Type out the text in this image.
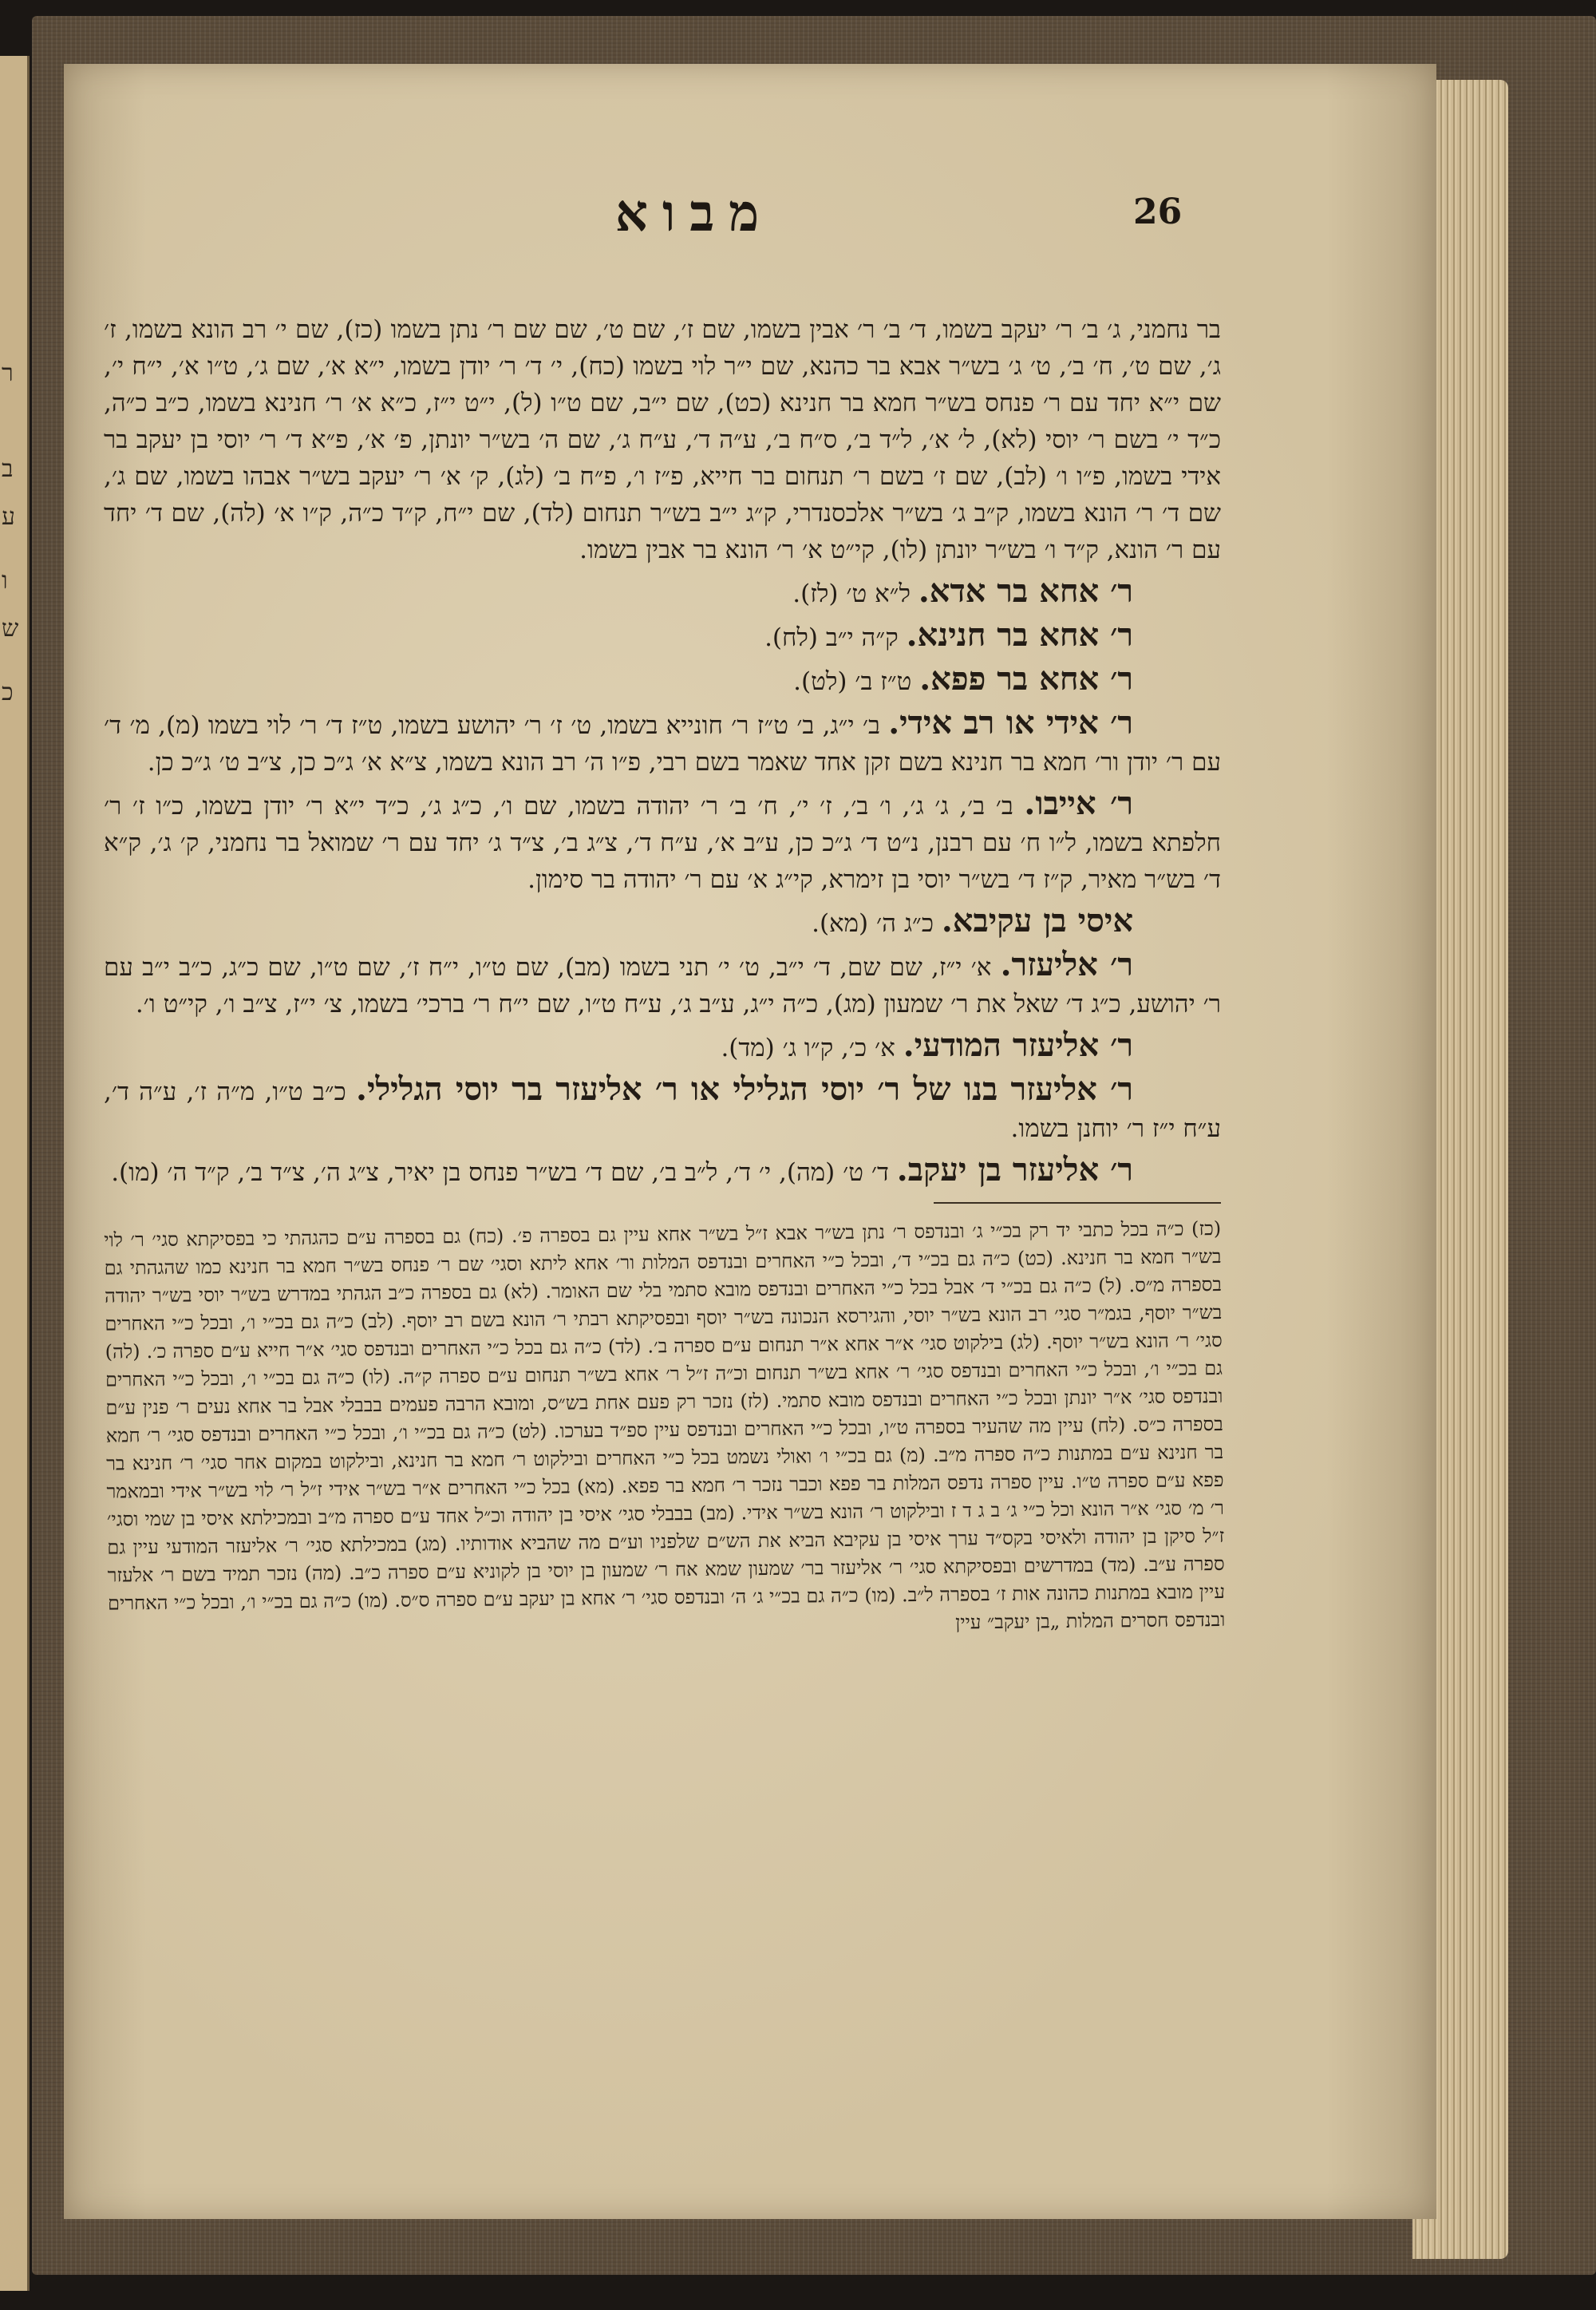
ר
ב
ע
ו
ש
כ
מבוא	26

בר נחמני, ג׳ ב׳ ר׳ יעקב בשמו, ד׳ ב׳ ר׳ אבין בשמו, שם ז׳, שם ט׳, שם שם ר׳ נתן בשמו (כז), שם י׳ רב הונא בשמו, ז׳ ג׳, שם ט׳, ח׳ ב׳, ט׳ ג׳ בש״ר אבא בר כהנא, שם י״ר לוי בשמו (כח), י׳ ד׳ ר׳ יודן בשמו, י״א א׳, שם ג׳, ט״ו א׳, י״ח י׳, שם י״א יחד עם ר׳ פנחס בש״ר חמא בר חנינא (כט), שם י״ב, שם ט״ו (ל), י״ט י״ז, כ״א א׳ ר׳ חנינא בשמו, כ״ב כ״ה, כ״ד י׳ בשם ר׳ יוסי (לא), ל׳ א׳, ל״ד ב׳, ס״ח ב׳, ע״ה ד׳, ע״ח ג׳, שם ה׳ בש״ר יונתן, פ׳ א׳, פ״א ד׳ ר׳ יוסי בן יעקב בר אידי בשמו, פ״ו ו׳ (לב), שם ז׳ בשם ר׳ תנחום בר חייא, פ״ז ו׳, פ״ח ב׳ (לג), ק׳ א׳ ר׳ יעקב בש״ר אבהו בשמו, שם ג׳, שם ד׳ ר׳ הונא בשמו, ק״ב ג׳ בש״ר אלכסנדרי, ק״ג י״ב בש״ר תנחום (לד), שם י״ח, ק״ד כ״ה, ק״ו א׳ (לה), שם ד׳ יחד עם ר׳ הונא, ק״ד ו׳ בש״ר יונתן (לו), קי״ט א׳ ר׳ הונא בר אבין בשמו.

ר׳ אחא בר אדא. ל״א ט׳ (לז).

ר׳ אחא בר חנינא. ק״ה י״ב (לח).

ר׳ אחא בר פפא. ט״ז ב׳ (לט).

ר׳ אידי או רב אידי. ב׳ י״ג, ב׳ ט״ז ר׳ חונייא בשמו, ט׳ ז׳ ר׳ יהושע בשמו, ט״ז ד׳ ר׳ לוי בשמו (מ), מ׳ ד׳ עם ר׳ יודן ור׳ חמא בר חנינא בשם זקן אחד שאמר בשם רבי, פ״ו ה׳ רב הונא בשמו, צ״א א׳ ג״כ כן, צ״ב ט׳ ג״כ כן.

ר׳ אייבו. ב׳ ב׳, ג׳ ג׳, ו׳ ב׳, ז׳ י׳, ח׳ ב׳ ר׳ יהודה בשמו, שם ו׳, כ״ג ג׳, כ״ד י״א ר׳ יודן בשמו, כ״ו ז׳ ר׳ חלפתא בשמו, ל״ו ח׳ עם רבנן, נ״ט ד׳ ג״כ כן, ע״ב א׳, ע״ח ד׳, צ״ג ב׳, צ״ד ג׳ יחד עם ר׳ שמואל בר נחמני, ק׳ ג׳, ק״א ד׳ בש״ר מאיר, ק״ז ד׳ בש״ר יוסי בן זימרא, קי״ג א׳ עם ר׳ יהודה בר סימון.

איסי בן עקיבא. כ״ג ה׳ (מא).

ר׳ אליעזר. א׳ י״ז, שם שם, ד׳ י״ב, ט׳ י׳ תני בשמו (מב), שם ט״ו, י״ח ז׳, שם ט״ו, שם כ״ג, כ״ב י״ב עם ר׳ יהושע, כ״ג ד׳ שאל את ר׳ שמעון (מג), כ״ה י״ג, ע״ב ג׳, ע״ח ט״ו, שם י״ח ר׳ ברכי׳ בשמו, צ׳ י״ז, צ״ב ו׳, קי״ט ו׳.

ר׳ אליעזר המודעי. א׳ כ׳, ק״ו ג׳ (מד).

ר׳ אליעזר בנו של ר׳ יוסי הגלילי או ר׳ אליעזר בר יוסי הגלילי. כ״ב ט״ו, מ״ה ז׳, ע״ה ד׳, ע״ח י״ז ר׳ יוחנן בשמו.

ר׳ אליעזר בן יעקב. ד׳ ט׳ (מה), י׳ ד׳, ל״ב ב׳, שם ד׳ בש״ר פנחס בן יאיר, צ״ג ה׳, צ״ד ב׳, ק״ד ה׳ (מו).

(כז) כ״ה בכל כתבי יד רק בכ״י ג׳ ובנדפס ר׳ נתן בש״ר אבא ז״ל בש״ר אחא עיין גם בספרה פ׳. (כח) גם בספרה ע״ם כהגהתי כי בפסיקתא סגי׳ ר׳ לוי בש״ר חמא בר חנינא. (כט) כ״ה גם בכ״י ד׳, ובכל כ״י האחרים ובנדפס המלות ור׳ אחא ליתא וסגי׳ שם ר׳ פנחס בש״ר חמא בר חנינא כמו שהגהתי גם בספרה מ״ס. (ל) כ״ה גם בכ״י ד׳ אבל בכל כ״י האחרים ובנדפס מובא סתמי בלי שם האומר. (לא) גם בספרה כ״ב הגהתי במדרש בש״ר יוסי בש״ר יהודה בש״ר יוסף, בגמ״ר סגי׳ רב הונא בש״ר יוסי, והגירסא הנכונה בש״ר יוסף ובפסיקתא רבתי ר׳ הונא בשם רב יוסף. (לב) כ״ה גם בכ״י ו׳, ובכל כ״י האחרים סגי׳ ר׳ הונא בש״ר יוסף. (לג) בילקוט סגי׳ א״ר אחא א״ר תנחום ע״ם ספרה ב׳. (לד) כ״ה גם בכל כ״י האחרים ובנדפס סגי׳ א״ר חייא ע״ם ספרה כ׳. (לה) גם בכ״י ו׳, ובכל כ״י האחרים ובנדפס סגי׳ ר׳ אחא בש״ר תנחום וכ״ה ז״ל ר׳ אחא בש״ר תנחום ע״ם ספרה ק״ה. (לו) כ״ה גם בכ״י ו׳, ובכל כ״י האחרים ובנדפס סגי׳ א״ר יונתן ובכל כ״י האחרים ובנדפס מובא סתמי. (לז) נזכר רק פעם אחת בש״ס, ומובא הרבה פעמים בבבלי אבל בר אחא נעים ר׳ פנין ע״ם בספרה כ״ס. (לח) עיין מה שהעיר בספרה ט״ו, ובכל כ״י האחרים ובנדפס עיין ספ״ד בערכו. (לט) כ״ה גם בכ״י ו׳, ובכל כ״י האחרים ובנדפס סגי׳ ר׳ חמא בר חנינא ע״ם במתנות כ״ה ספרה מ״ב. (מ) גם בכ״י ו׳ ואולי נשמט בכל כ״י האחרים ובילקוט ר׳ חמא בר חנינא, ובילקוט במקום אחר סגי׳ ר׳ חנינא בר פפא ע״ם ספרה ט״ו. עיין ספרה נדפס המלות בר פפא וכבר נזכר ר׳ חמא בר פפא. (מא) בכל כ״י האחרים א״ר בש״ר אידי ז״ל ר׳ לוי בש״ר אידי ובמאמר ר׳ מ׳ סגי׳ א״ר הונא וכל כ״י ג׳ ב ג ד ז ובילקוט ר׳ הונא בש״ר אידי. (מב) בבבלי סגי׳ איסי בן יהודה וכ״ל אחד ע״ם ספרה מ״ב ובמכילתא איסי בן שמי וסגי׳ ז״ל סיקן בן יהודה ולאיסי בקס״ד ערך איסי בן עקיבא הביא את הש״ם שלפניו וע״ם מה שהביא אודותיו. (מג) במכילתא סגי׳ ר׳ אליעזר המודעי עיין גם ספרה ע״ב. (מד) במדרשים ובפסיקתא סגי׳ ר׳ אליעזר בר׳ שמעון שמא אח ר׳ שמעון בן יוסי בן לקוניא ע״ם ספרה כ״ב. (מה) נזכר תמיד בשם ר׳ אלעזר עיין מובא במתנות כהונה אות ז׳ בספרה ל״ב. (מו) כ״ה גם בכ״י ג׳ ה׳ ובנדפס סגי׳ ר׳ אחא בן יעקב ע״ם ספרה ס״ס. (מו) כ״ה גם בכ״י ו׳, ובכל כ״י האחרים ובנדפס חסרים המלות „בן יעקב״ עיין
